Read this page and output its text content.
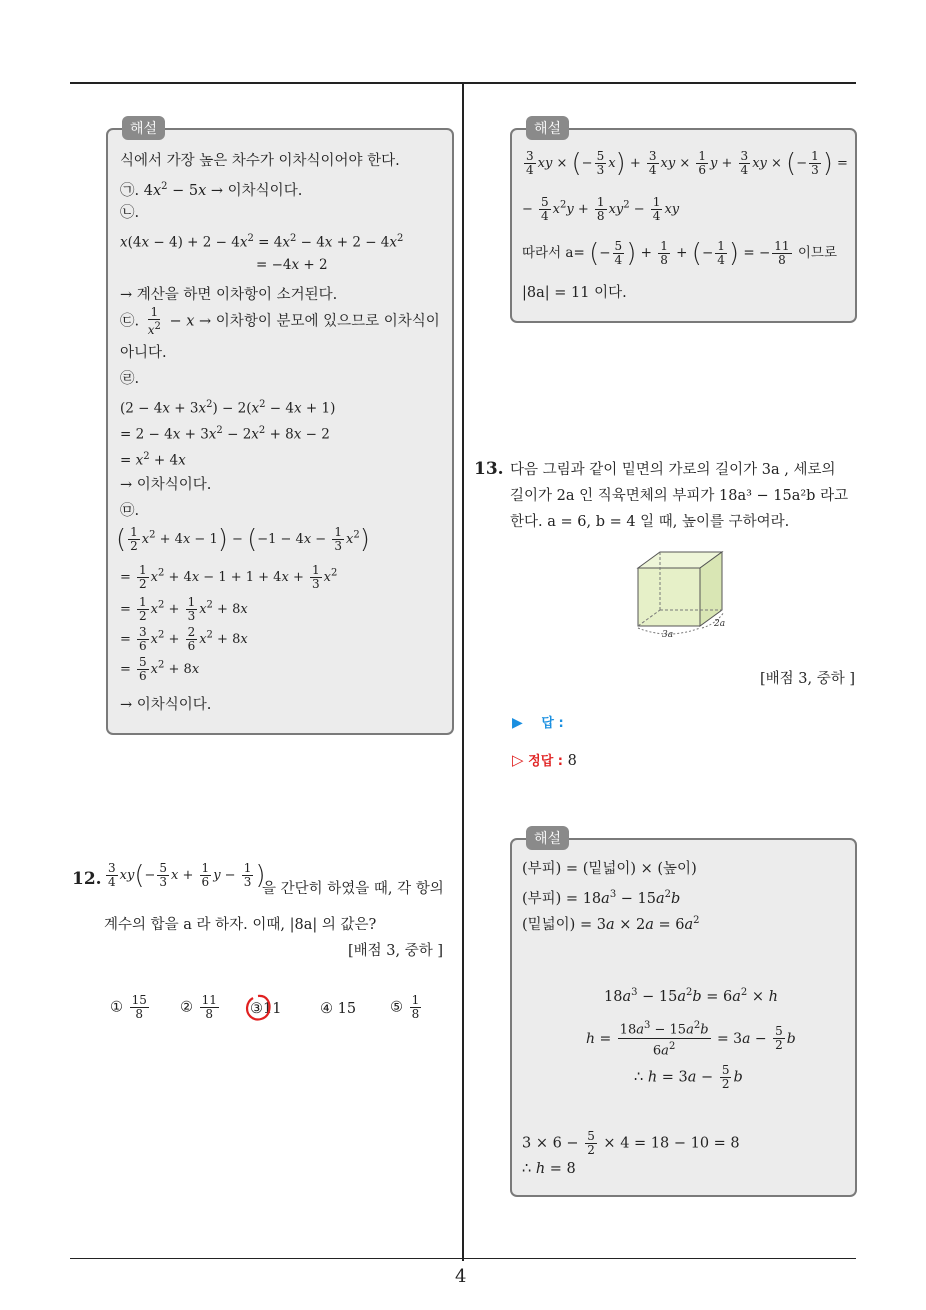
4
해설
식에서 가장 높은 차수가 이차식이어야 한다.
㉠. $4x^2 - 5x$ → 이차식이다.
㉡.
$x(4x - 4) + 2 - 4x^2 = 4x^2 - 4x + 2 - 4x^2$
= −4x + 2
→ 계산을 하면 이차항이 소거된다.
㉢. $\frac{1}{x^2} - x$ → 이차항이 분모에 있으므로 이차식이
아니다.
㉣.
$(2 - 4x + 3x^2) - 2(x^2 - 4x + 1)$
= $2 - 4x + 3x^2 - 2x^2 + 8x - 2$
= $x^2 + 4x$
→ 이차식이다.
㉤.
( $\frac{1}{2} x^2 + 4x - 1) - (-1 - 4x - \frac{1}{3} x^2)$
= $\frac{1}{2} x^2 + 4x - 1 + 1 + 4x + \frac{1}{3} x^2$
= $\frac{1}{2} x^2 + \frac{1}{3} x^2 + 8x$
= $\frac{3}{6} x^2 + \frac{2}{6} x^2 + 8x$
= $\frac{5}{6} x^2 + 8x$
→ 이차식이다.
12. $\frac{3}{4} xy(- \frac{5}{3}$ $x + \frac{1}{6}$ $y - \frac{1}{3}$ )
을 간단히 하였을 때, 각 항의
계수의 합을 a 라 하자. 이때, |8a| 의 값은?
[배점 3, 중하 ]
① $\frac{15}{8}$ ② $\frac{11}{8}$ ③11	④ 15 ⑤ $\frac{1}{8}$
해설
$\frac{3}{4}$ xy × (− $\frac{5}{3} x) + \frac{3}{4}$ xy × $\frac{1}{6}$ $y + \frac{3}{4}$ xy × (− $\frac{1}{3}$ ) =
− $\frac{5}{4} x^2y + \frac{1}{8} xy^2 - \frac{1}{4}$ xy
따라서 a= (− $\frac{5}{4}$ ) + $\frac{1}{8}$ + (− $\frac{1}{4}$ ) = − $\frac{11}{8}$ 이므로
|8a| = 11 이다.
13. 다음 그림과 같이 밑면의 가로의 길이가 3a , 세로의
길이가 2a 인 직육면체의 부피가 18a³ − 15a²b 라고
한다. a = 6, b = 4 일 때, 높이를 구하여라.
3a
2a
[배점 3, 중하 ]
▶ 답 :
▷ 정답 : 8
해설
(부피) = (밑넓이) × (높이)
(부피) = $18a^3 - 15a^2b$
(밑넓이) = $3a \times 2a = 6a^2$
$18a^3 - 15a^2b = 6a^2 \times h$
$h = \frac{18a^3 - 15a^2b}{6a^2} = 3a - \frac{5}{2}$ b
∴ $h = 3a - \frac{5}{2}$ b
$3 \times 6 - \frac{5}{2} \times 4 = 18 - 10 = 8$
∴ h = 8
